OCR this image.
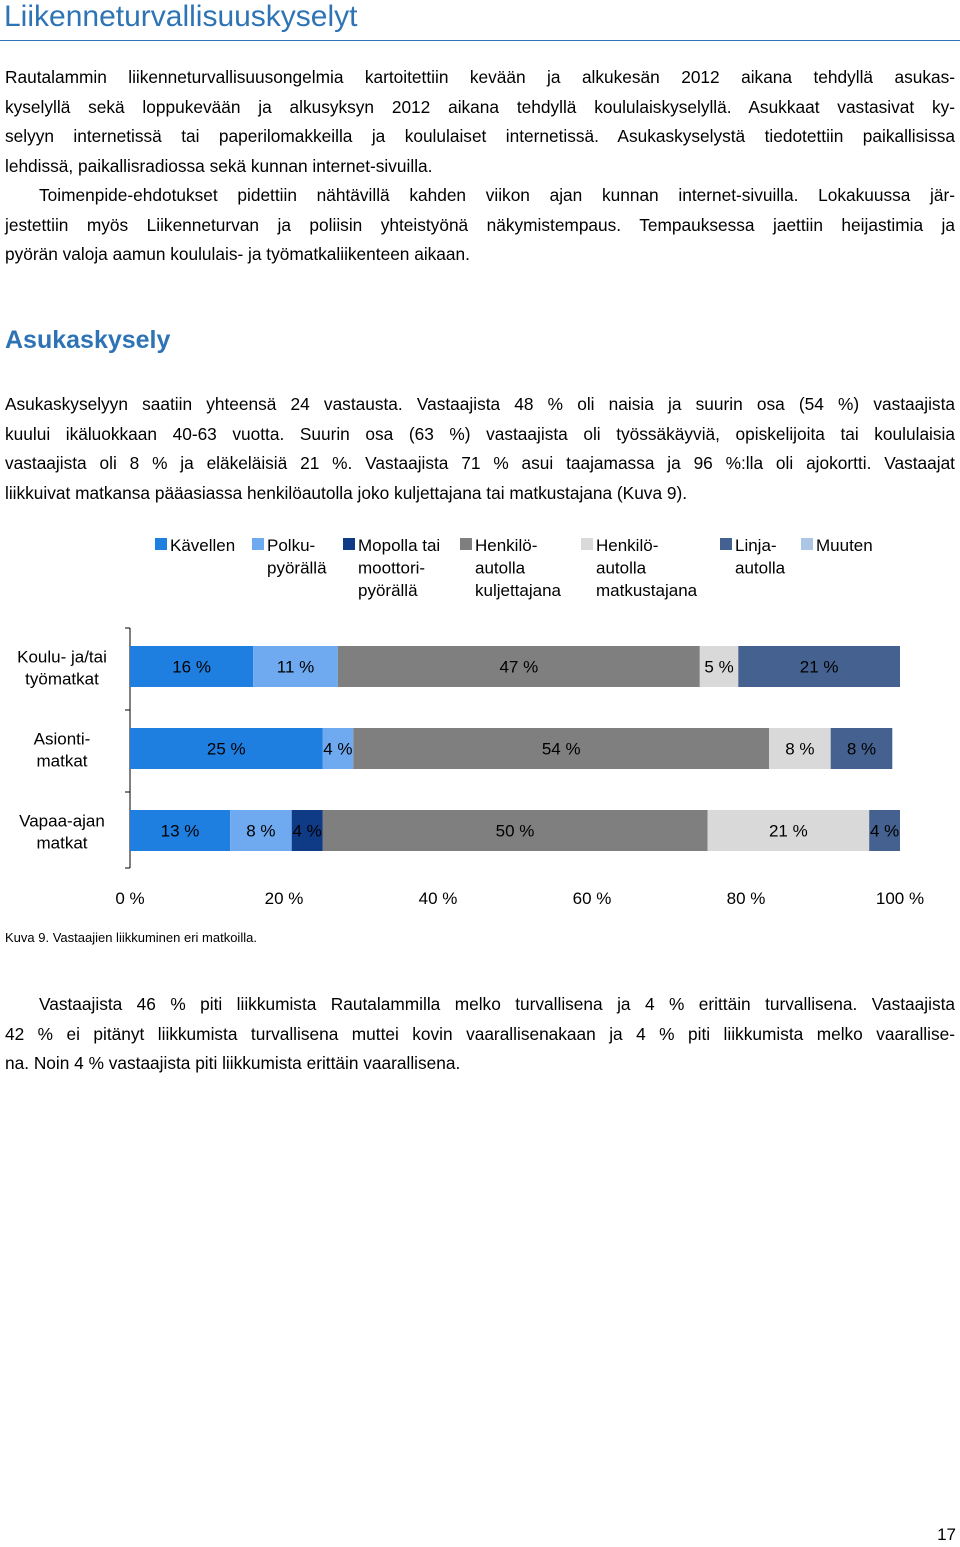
Liikenneturvallisuuskyselyt
Rautalammin liikenneturvallisuusongelmia kartoitettiin kevään ja alkukesän 2012 aikana tehdyllä asukas-
kyselyllä sekä loppukevään ja alkusyksyn 2012 aikana tehdyllä koululaiskyselyllä. Asukkaat vastasivat ky-
selyyn internetissä tai paperilomakkeilla ja koululaiset internetissä. Asukaskyselystä tiedotettiin paikallisissa
lehdissä, paikallisradiossa sekä kunnan internet-sivuilla.
Toimenpide-ehdotukset pidettiin nähtävillä kahden viikon ajan kunnan internet-sivuilla. Lokakuussa jär-
jestettiin myös Liikenneturvan ja poliisin yhteistyönä näkymistempaus. Tempauksessa jaettiin heijastimia ja
pyörän valoja aamun koululais- ja työmatkaliikenteen aikaan.
Asukaskysely
Asukaskyselyyn saatiin yhteensä 24 vastausta. Vastaajista 48 % oli naisia ja suurin osa (54 %) vastaajista
kuului ikäluokkaan 40-63 vuotta. Suurin osa (63 %) vastaajista oli työssäkäyviä, opiskelijoita tai koululaisia
vastaajista oli 8 % ja eläkeläisiä 21 %. Vastaajista 71 % asui taajamassa ja 96 %:lla oli ajokortti. Vastaajat
liikkuivat matkansa pääasiassa henkilöautolla joko kuljettajana tai matkustajana (Kuva 9).
Kävellen Polku-
pyörällä
Mopolla tai
moottori-
pyörällä
Henkilö-
autolla
kuljettajana
Henkilö-
autolla
matkustajana
Linja-
autolla
Muuten
Koulu- ja/tai
työmatkat
Asionti-
matkat
Vapaa-ajan
matkat
16 %	11 %	47 %	5 %	21 %
25 %	4 %	54 %	8 % 8 %
13 %	8 % 4 %	50 %	21 %	4 %
0 %	20 %	40 %	60 %	80 %	100 %
Kuva 9. Vastaajien liikkuminen eri matkoilla.
Vastaajista 46 % piti liikkumista Rautalammilla melko turvallisena ja 4 % erittäin turvallisena. Vastaajista
42 % ei pitänyt liikkumista turvallisena muttei kovin vaarallisenakaan ja 4 % piti liikkumista melko vaarallise-
na. Noin 4 % vastaajista piti liikkumista erittäin vaarallisena.
17
